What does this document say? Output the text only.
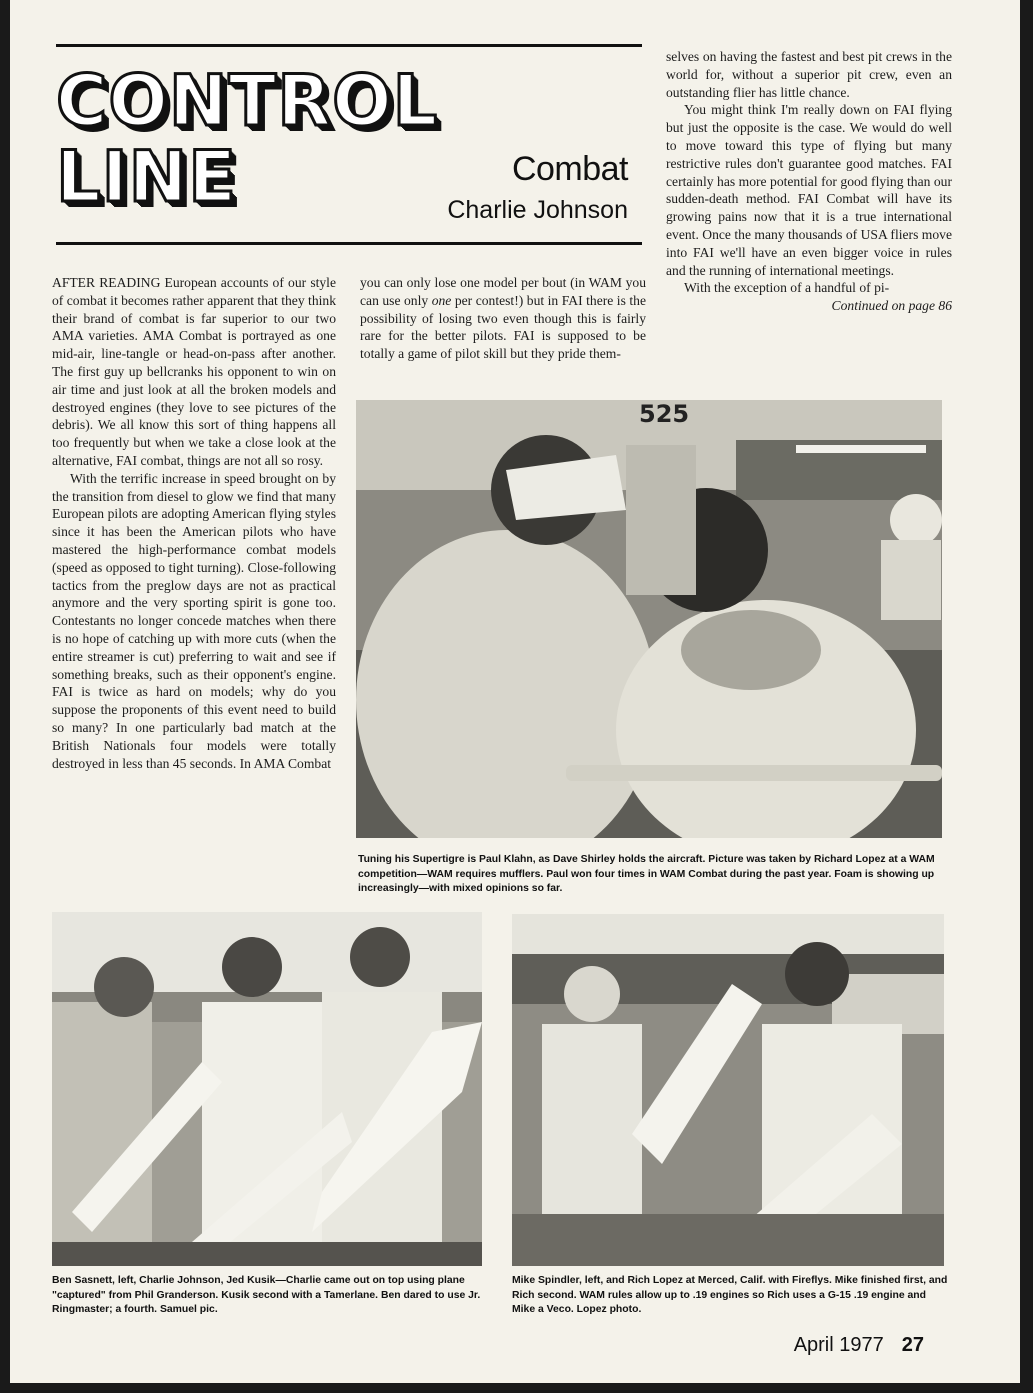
CONTROL
LINE	Combat
Charlie Johnson

AFTER READING European accounts of our style of combat it becomes rather apparent that they think their brand of combat is far superior to our two AMA varieties. AMA Combat is portrayed as one mid-air, line-tangle or head-on-pass after another. The first guy up bellcranks his opponent to win on air time and just look at all the broken models and destroyed engines (they love to see pictures of the debris). We all know this sort of thing happens all too frequently but when we take a close look at the alternative, FAI combat, things are not all so rosy.

With the terrific increase in speed brought on by the transition from diesel to glow we find that many European pilots are adopting American flying styles since it has been the American pilots who have mastered the high-performance combat models (speed as opposed to tight turning). Close-following tactics from the preglow days are not as practical anymore and the very sporting spirit is gone too. Contestants no longer concede matches when there is no hope of catching up with more cuts (when the entire streamer is cut) preferring to wait and see if something breaks, such as their opponent's engine. FAI is twice as hard on models; why do you suppose the proponents of this event need to build so many? In one particularly bad match at the British Nationals four models were totally destroyed in less than 45 seconds. In AMA Combat

you can only lose one model per bout (in WAM you can use only one per contest!) but in FAI there is the possibility of losing two even though this is fairly rare for the better pilots. FAI is supposed to be totally a game of pilot skill but they pride them-

selves on having the fastest and best pit crews in the world for, without a superior pit crew, even an outstanding flier has little chance.

You might think I'm really down on FAI flying but just the opposite is the case. We would do well to move toward this type of flying but many restrictive rules don't guarantee good matches. FAI certainly has more potential for good flying than our sudden-death method. FAI Combat will have its growing pains now that it is a true international event. Once the many thousands of USA fliers move into FAI we'll have an even bigger voice in rules and the running of international meetings.

With the exception of a handful of pi-

Continued on page 86
525
Tuning his Supertigre is Paul Klahn, as Dave Shirley holds the aircraft. Picture was taken by Richard Lopez at a WAM competition—WAM requires mufflers. Paul won four times in WAM Combat during the past year. Foam is showing up increasingly—with mixed opinions so far.
Ben Sasnett, left, Charlie Johnson, Jed Kusik—Charlie came out on top using plane "captured" from Phil Granderson. Kusik second with a Tamerlane. Ben dared to use Jr. Ringmaster; a fourth. Samuel pic.
Mike Spindler, left, and Rich Lopez at Merced, Calif. with Fireflys. Mike finished first, and Rich second. WAM rules allow up to .19 engines so Rich uses a G-15 .19 engine and Mike a Veco. Lopez photo.
April 1977 27
